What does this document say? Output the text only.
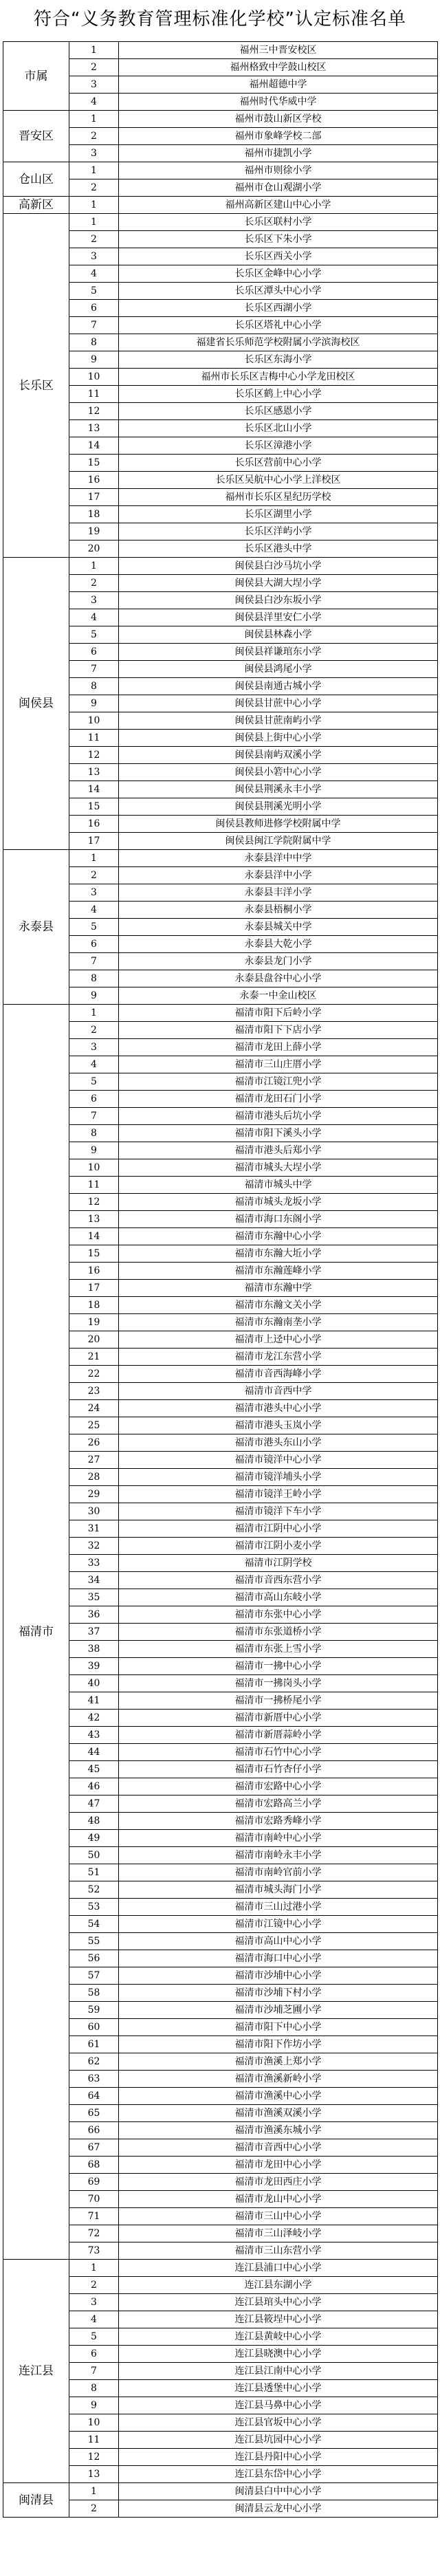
符合“义务教育管理标准化学校”认定标准名单
市属	1	福州三中晋安校区
	2	福州格致中学鼓山校区
	3	福州超德中学
	4	福州时代华威中学
晋安区	1	福州市鼓山新区学校
	2	福州市象峰学校二部
	3	福州市捷凯小学
仓山区	1	福州市则徐小学
	2	福州市仓山观湖小学
高新区	1	福州高新区建山中心小学
长乐区	1	长乐区联村小学
	2	长乐区下朱小学
	3	长乐区西关小学
	4	长乐区金峰中心小学
	5	长乐区潭头中心小学
	6	长乐区西湖小学
	7	长乐区塔礼中心小学
	8	福建省长乐师范学校附属小学滨海校区
	9	长乐区东海小学
	10	福州市长乐区吉梅中心小学龙田校区
	11	长乐区鹤上中心小学
	12	长乐区感恩小学
	13	长乐区北山小学
	14	长乐区漳港小学
	15	长乐区营前中心小学
	16	长乐区吴航中心小学上洋校区
	17	福州市长乐区星纪历学校
	18	长乐区湖里小学
	19	长乐区洋屿小学
	20	长乐区港头中学
闽侯县	1	闽侯县白沙马坑小学
	2	闽侯县大湖大埕小学
	3	闽侯县白沙东坂小学
	4	闽侯县洋里安仁小学
	5	闽侯县林森小学
	6	闽侯县祥谦琯东小学
	7	闽侯县鸿尾小学
	8	闽侯县南通古城小学
	9	闽侯县甘蔗中心小学
	10	闽侯县甘蔗南屿小学
	11	闽侯县上街中心小学
	12	闽侯县南屿双溪小学
	13	闽侯县小箬中心小学
	14	闽侯县荆溪永丰小学
	15	闽侯县荆溪光明小学
	16	闽侯县教师进修学校附属中学
	17	闽侯县闽江学院附属中学
永泰县	1	永泰县洋中中学
	2	永泰县洋中小学
	3	永泰县丰洋小学
	4	永泰县梧桐小学
	5	永泰县城关中学
	6	永泰县大乾小学
	7	永泰县龙门小学
	8	永泰县盘谷中心小学
	9	永泰一中金山校区
福清市	1	福清市阳下后岭小学
	2	福清市阳下下店小学
	3	福清市龙田上薛小学
	4	福清市三山庄厝小学
	5	福清市江镜江兜小学
	6	福清市龙田石门小学
	7	福清市港头后坑小学
	8	福清市阳下溪头小学
	9	福清市港头后郑小学
	10	福清市城头大埕小学
	11	福清市城头中学
	12	福清市城头龙坂小学
	13	福清市海口东阁小学
	14	福清市东瀚中心小学
	15	福清市东瀚大坵小学
	16	福清市东瀚莲峰小学
	17	福清市东瀚中学
	18	福清市东瀚文关小学
	19	福清市东瀚南垄小学
	20	福清市上迳中心小学
	21	福清市龙江东营小学
	22	福清市音西海峰小学
	23	福清市音西中学
	24	福清市港头中心小学
	25	福清市港头玉岚小学
	26	福清市港头东山小学
	27	福清市镜洋中心小学
	28	福清市镜洋埔头小学
	29	福清市镜洋王岭小学
	30	福清市镜洋下车小学
	31	福清市江阴中心小学
	32	福清市江阴小麦小学
	33	福清市江阴学校
	34	福清市音西东营小学
	35	福清市高山东岐小学
	36	福清市东张中心小学
	37	福清市东张道桥小学
	38	福清市东张上雪小学
	39	福清市一拂中心小学
	40	福清市一拂岗头小学
	41	福清市一拂桥尾小学
	42	福清市新厝中心小学
	43	福清市新厝蒜岭小学
	44	福清市石竹中心小学
	45	福清市石竹杏仔小学
	46	福清市宏路中心小学
	47	福清市宏路高兰小学
	48	福清市宏路秀峰小学
	49	福清市南岭中心小学
	50	福清市南岭永丰小学
	51	福清市南岭官前小学
	52	福清市城头海门小学
	53	福清市三山过港小学
	54	福清市江镜中心小学
	55	福清市高山中心小学
	56	福清市海口中心小学
	57	福清市沙埔中心小学
	58	福清市沙埔下村小学
	59	福清市沙埔芝圃小学
	60	福清市阳下中心小学
	61	福清市阳下作坊小学
	62	福清市渔溪上郑小学
	63	福清市渔溪新岭小学
	64	福清市渔溪中心小学
	65	福清市渔溪双溪小学
	66	福清市渔溪东城小学
	67	福清市音西中心小学
	68	福清市龙田中心小学
	69	福清市龙田西庄小学
	70	福清市龙山中心小学
	71	福清市三山中心小学
	72	福清市三山泽岐小学
	73	福清市三山东营小学
连江县	1	连江县浦口中心小学
	2	连江县东湖小学
	3	连江县琯头中心小学
	4	连江县筱埕中心小学
	5	连江县黄岐中心小学
	6	连江县晓澳中心小学
	7	连江县江南中心小学
	8	连江县透堡中心小学
	9	连江县马鼻中心小学
	10	连江县官坂中心小学
	11	连江县坑园中心小学
	12	连江县丹阳中心小学
	13	连江县东岱中心小学
闽清县	1	闽清县白中中心小学
	2	闽清县云龙中心小学
